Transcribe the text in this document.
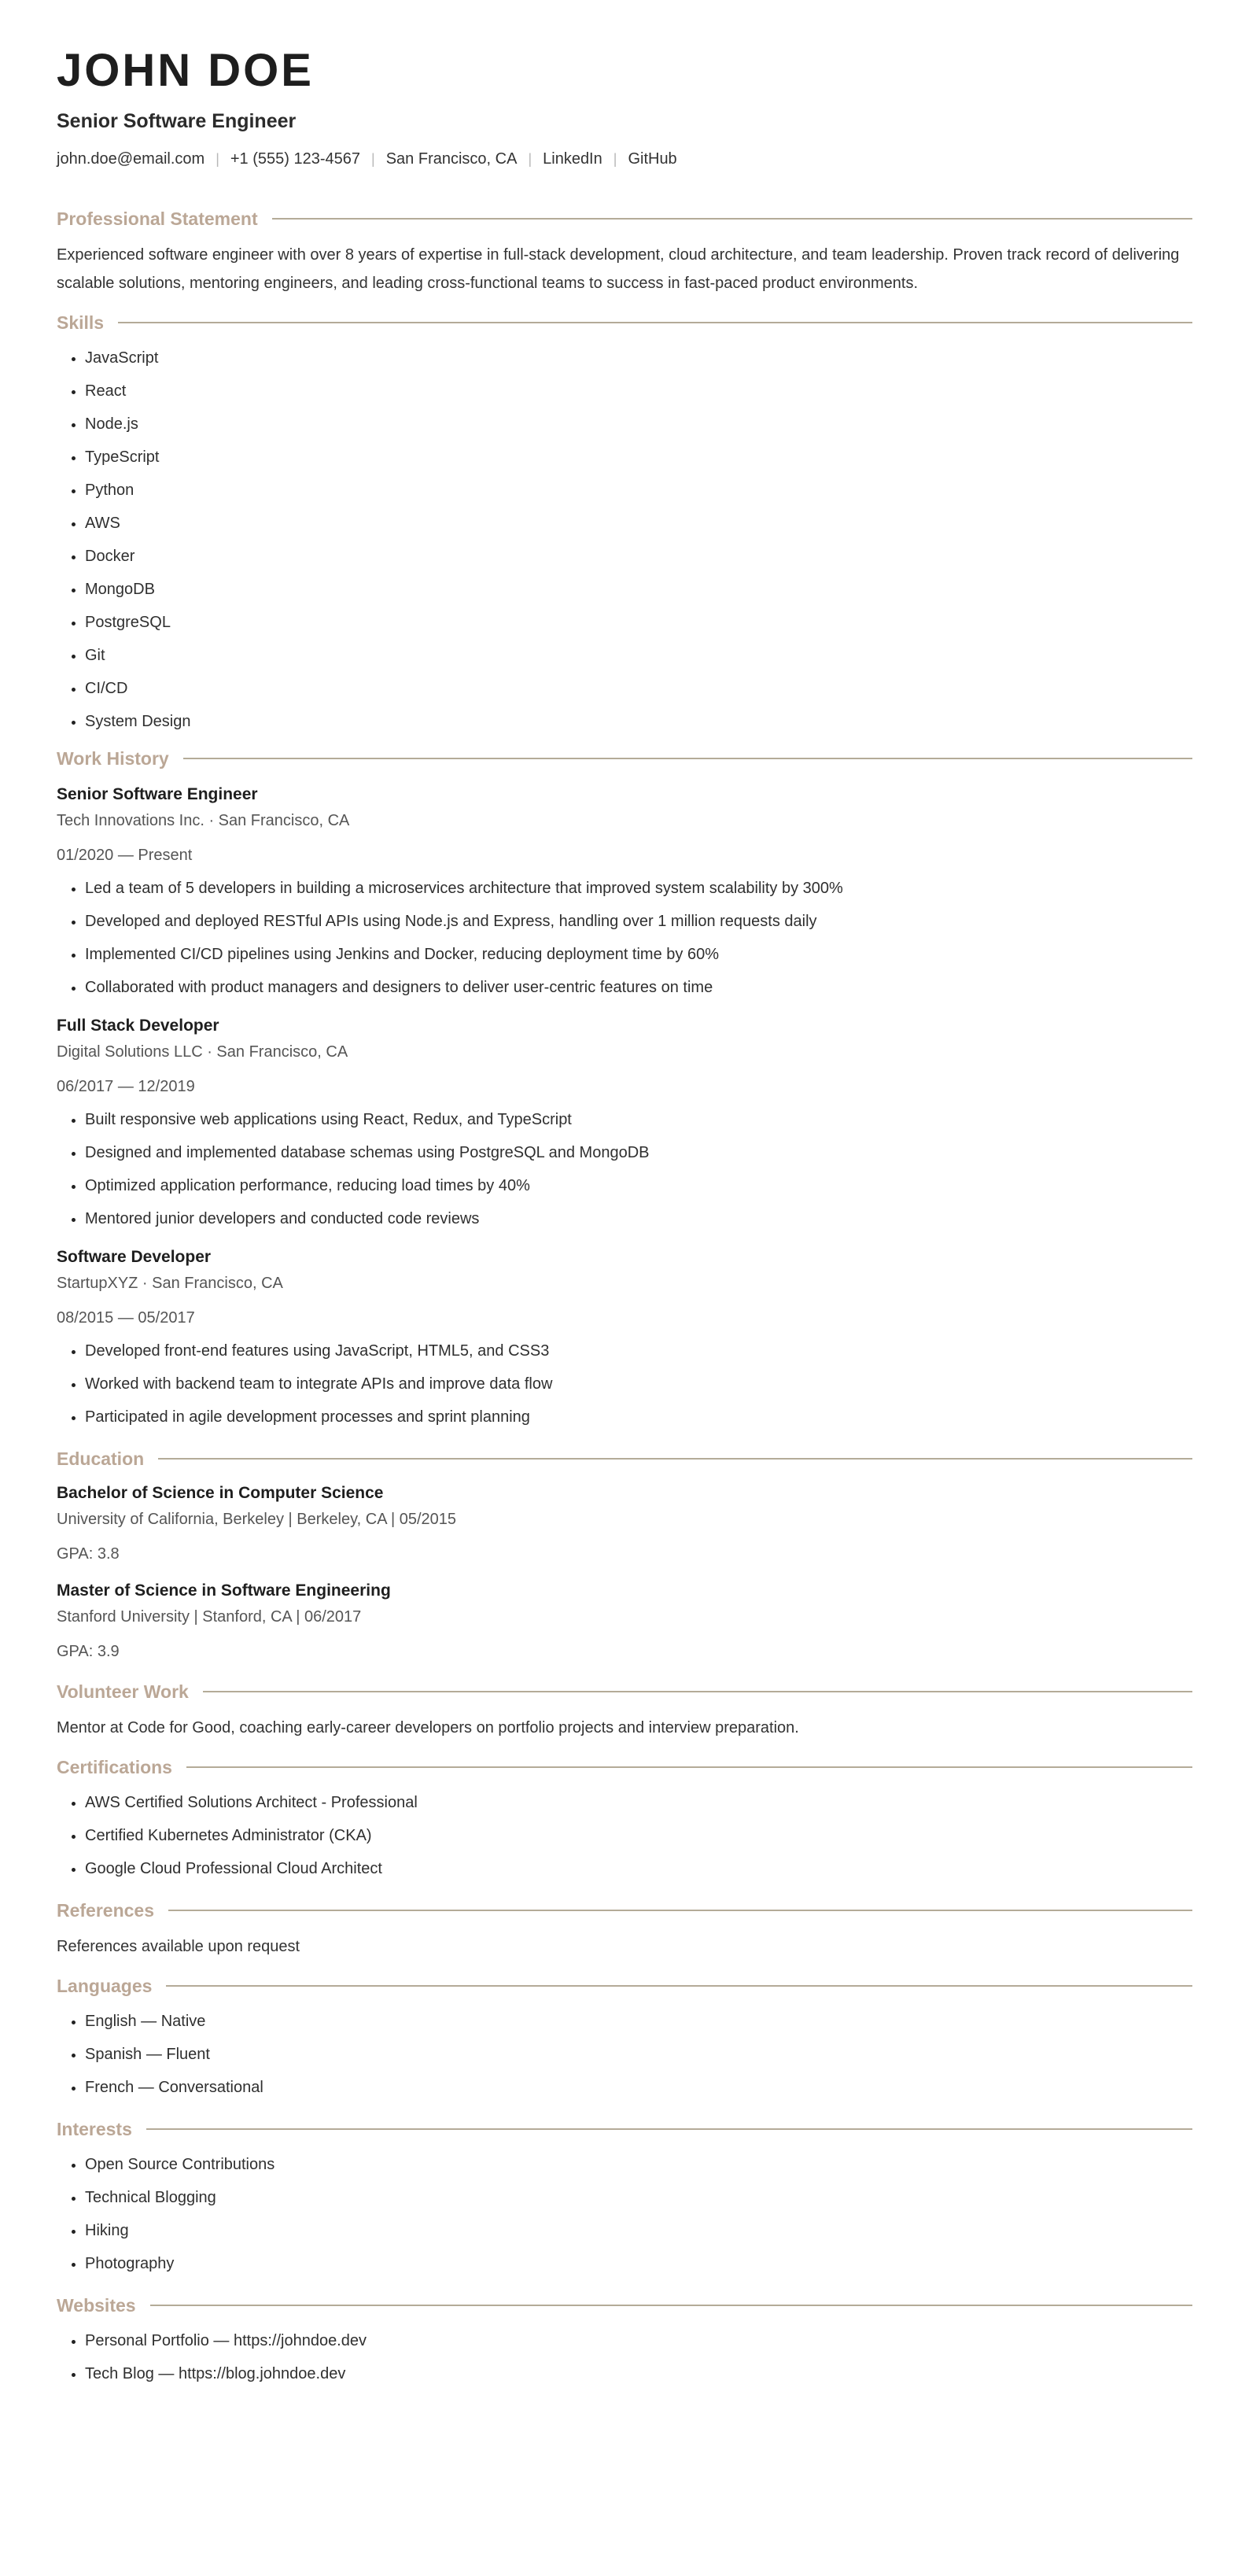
JOHN DOE
Senior Software Engineer
john.doe@email.com | +1 (555) 123-4567 | San Francisco, CA | LinkedIn | GitHub
Professional Statement

Experienced software engineer with over 8 years of expertise in full-stack development, cloud architecture, and team leadership. Proven track record of delivering scalable solutions, mentoring engineers, and leading cross-functional teams to success in fast-paced product environments.

Skills
• JavaScript
• React
• Node.js
• TypeScript
• Python
• AWS
• Docker
• MongoDB
• PostgreSQL
• Git
• CI/CD
• System Design
Work History
Senior Software Engineer
Tech Innovations Inc. · San Francisco, CA
01/2020 — Present
• Led a team of 5 developers in building a microservices architecture that improved system scalability by 300%
• Developed and deployed RESTful APIs using Node.js and Express, handling over 1 million requests daily
• Implemented CI/CD pipelines using Jenkins and Docker, reducing deployment time by 60%
• Collaborated with product managers and designers to deliver user-centric features on time
Full Stack Developer
Digital Solutions LLC · San Francisco, CA
06/2017 — 12/2019
• Built responsive web applications using React, Redux, and TypeScript
• Designed and implemented database schemas using PostgreSQL and MongoDB
• Optimized application performance, reducing load times by 40%
• Mentored junior developers and conducted code reviews
Software Developer
StartupXYZ · San Francisco, CA
08/2015 — 05/2017
• Developed front-end features using JavaScript, HTML5, and CSS3
• Worked with backend team to integrate APIs and improve data flow
• Participated in agile development processes and sprint planning
Education
Bachelor of Science in Computer Science
University of California, Berkeley | Berkeley, CA | 05/2015
GPA: 3.8
Master of Science in Software Engineering
Stanford University | Stanford, CA | 06/2017
GPA: 3.9
Volunteer Work

Mentor at Code for Good, coaching early-career developers on portfolio projects and interview preparation.

Certifications
• AWS Certified Solutions Architect - Professional
• Certified Kubernetes Administrator (CKA)
• Google Cloud Professional Cloud Architect
References

References available upon request

Languages
• English — Native
• Spanish — Fluent
• French — Conversational
Interests
• Open Source Contributions
• Technical Blogging
• Hiking
• Photography
Websites
• Personal Portfolio — https://johndoe.dev
• Tech Blog — https://blog.johndoe.dev
